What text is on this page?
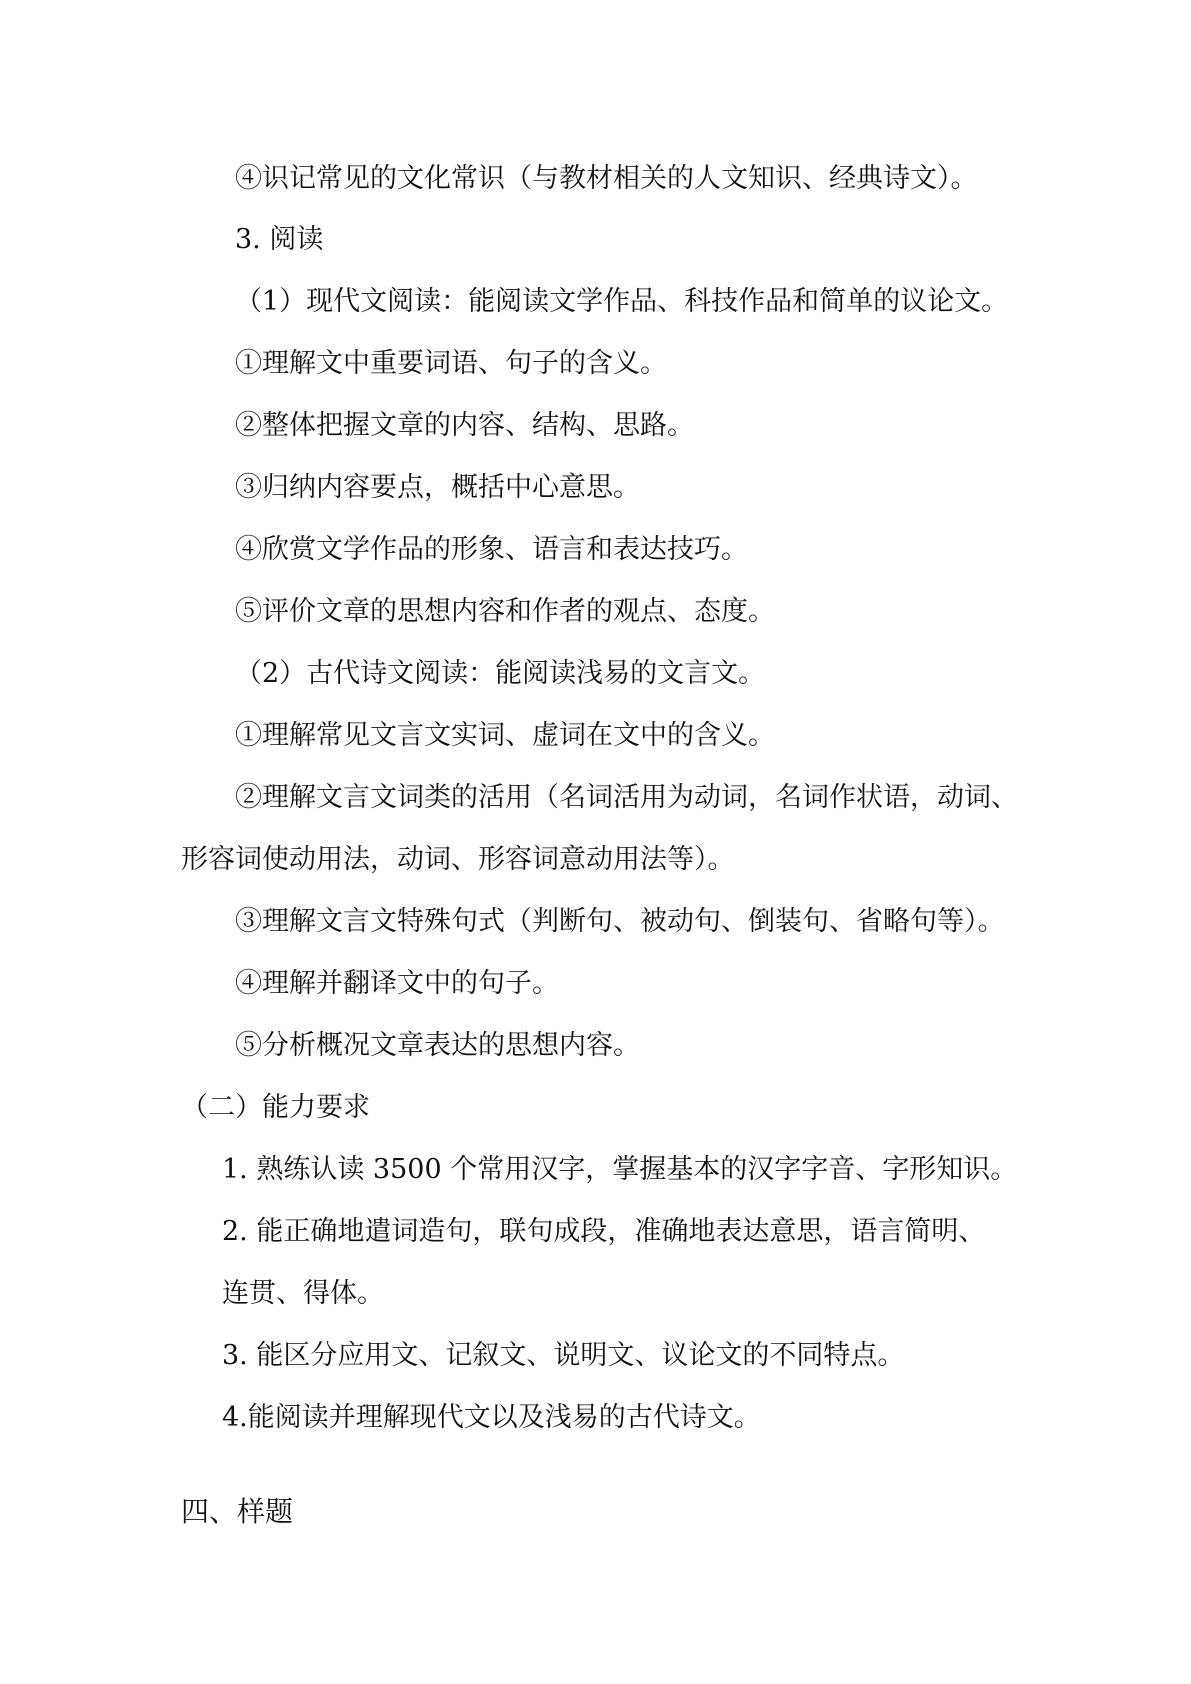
④识记常见的文化常识（与教材相关的人文知识、经典诗文）。
3. 阅读
（1）现代文阅读：能阅读文学作品、科技作品和简单的议论文。
①理解文中重要词语、句子的含义。
②整体把握文章的内容、结构、思路。
③归纳内容要点，概括中心意思。
④欣赏文学作品的形象、语言和表达技巧。
⑤评价文章的思想内容和作者的观点、态度。
（2）古代诗文阅读：能阅读浅易的文言文。
①理解常见文言文实词、虚词在文中的含义。
②理解文言文词类的活用（名词活用为动词，名词作状语，动词、
形容词使动用法，动词、形容词意动用法等）。
③理解文言文特殊句式（判断句、被动句、倒装句、省略句等）。
④理解并翻译文中的句子。
⑤分析概况文章表达的思想内容。
（二）能力要求
1. 熟练认读 3500 个常用汉字，掌握基本的汉字字音、字形知识。
2. 能正确地遣词造句，联句成段，准确地表达意思，语言简明、
连贯、得体。
3. 能区分应用文、记叙文、说明文、议论文的不同特点。
4.能阅读并理解现代文以及浅易的古代诗文。
四、样题
